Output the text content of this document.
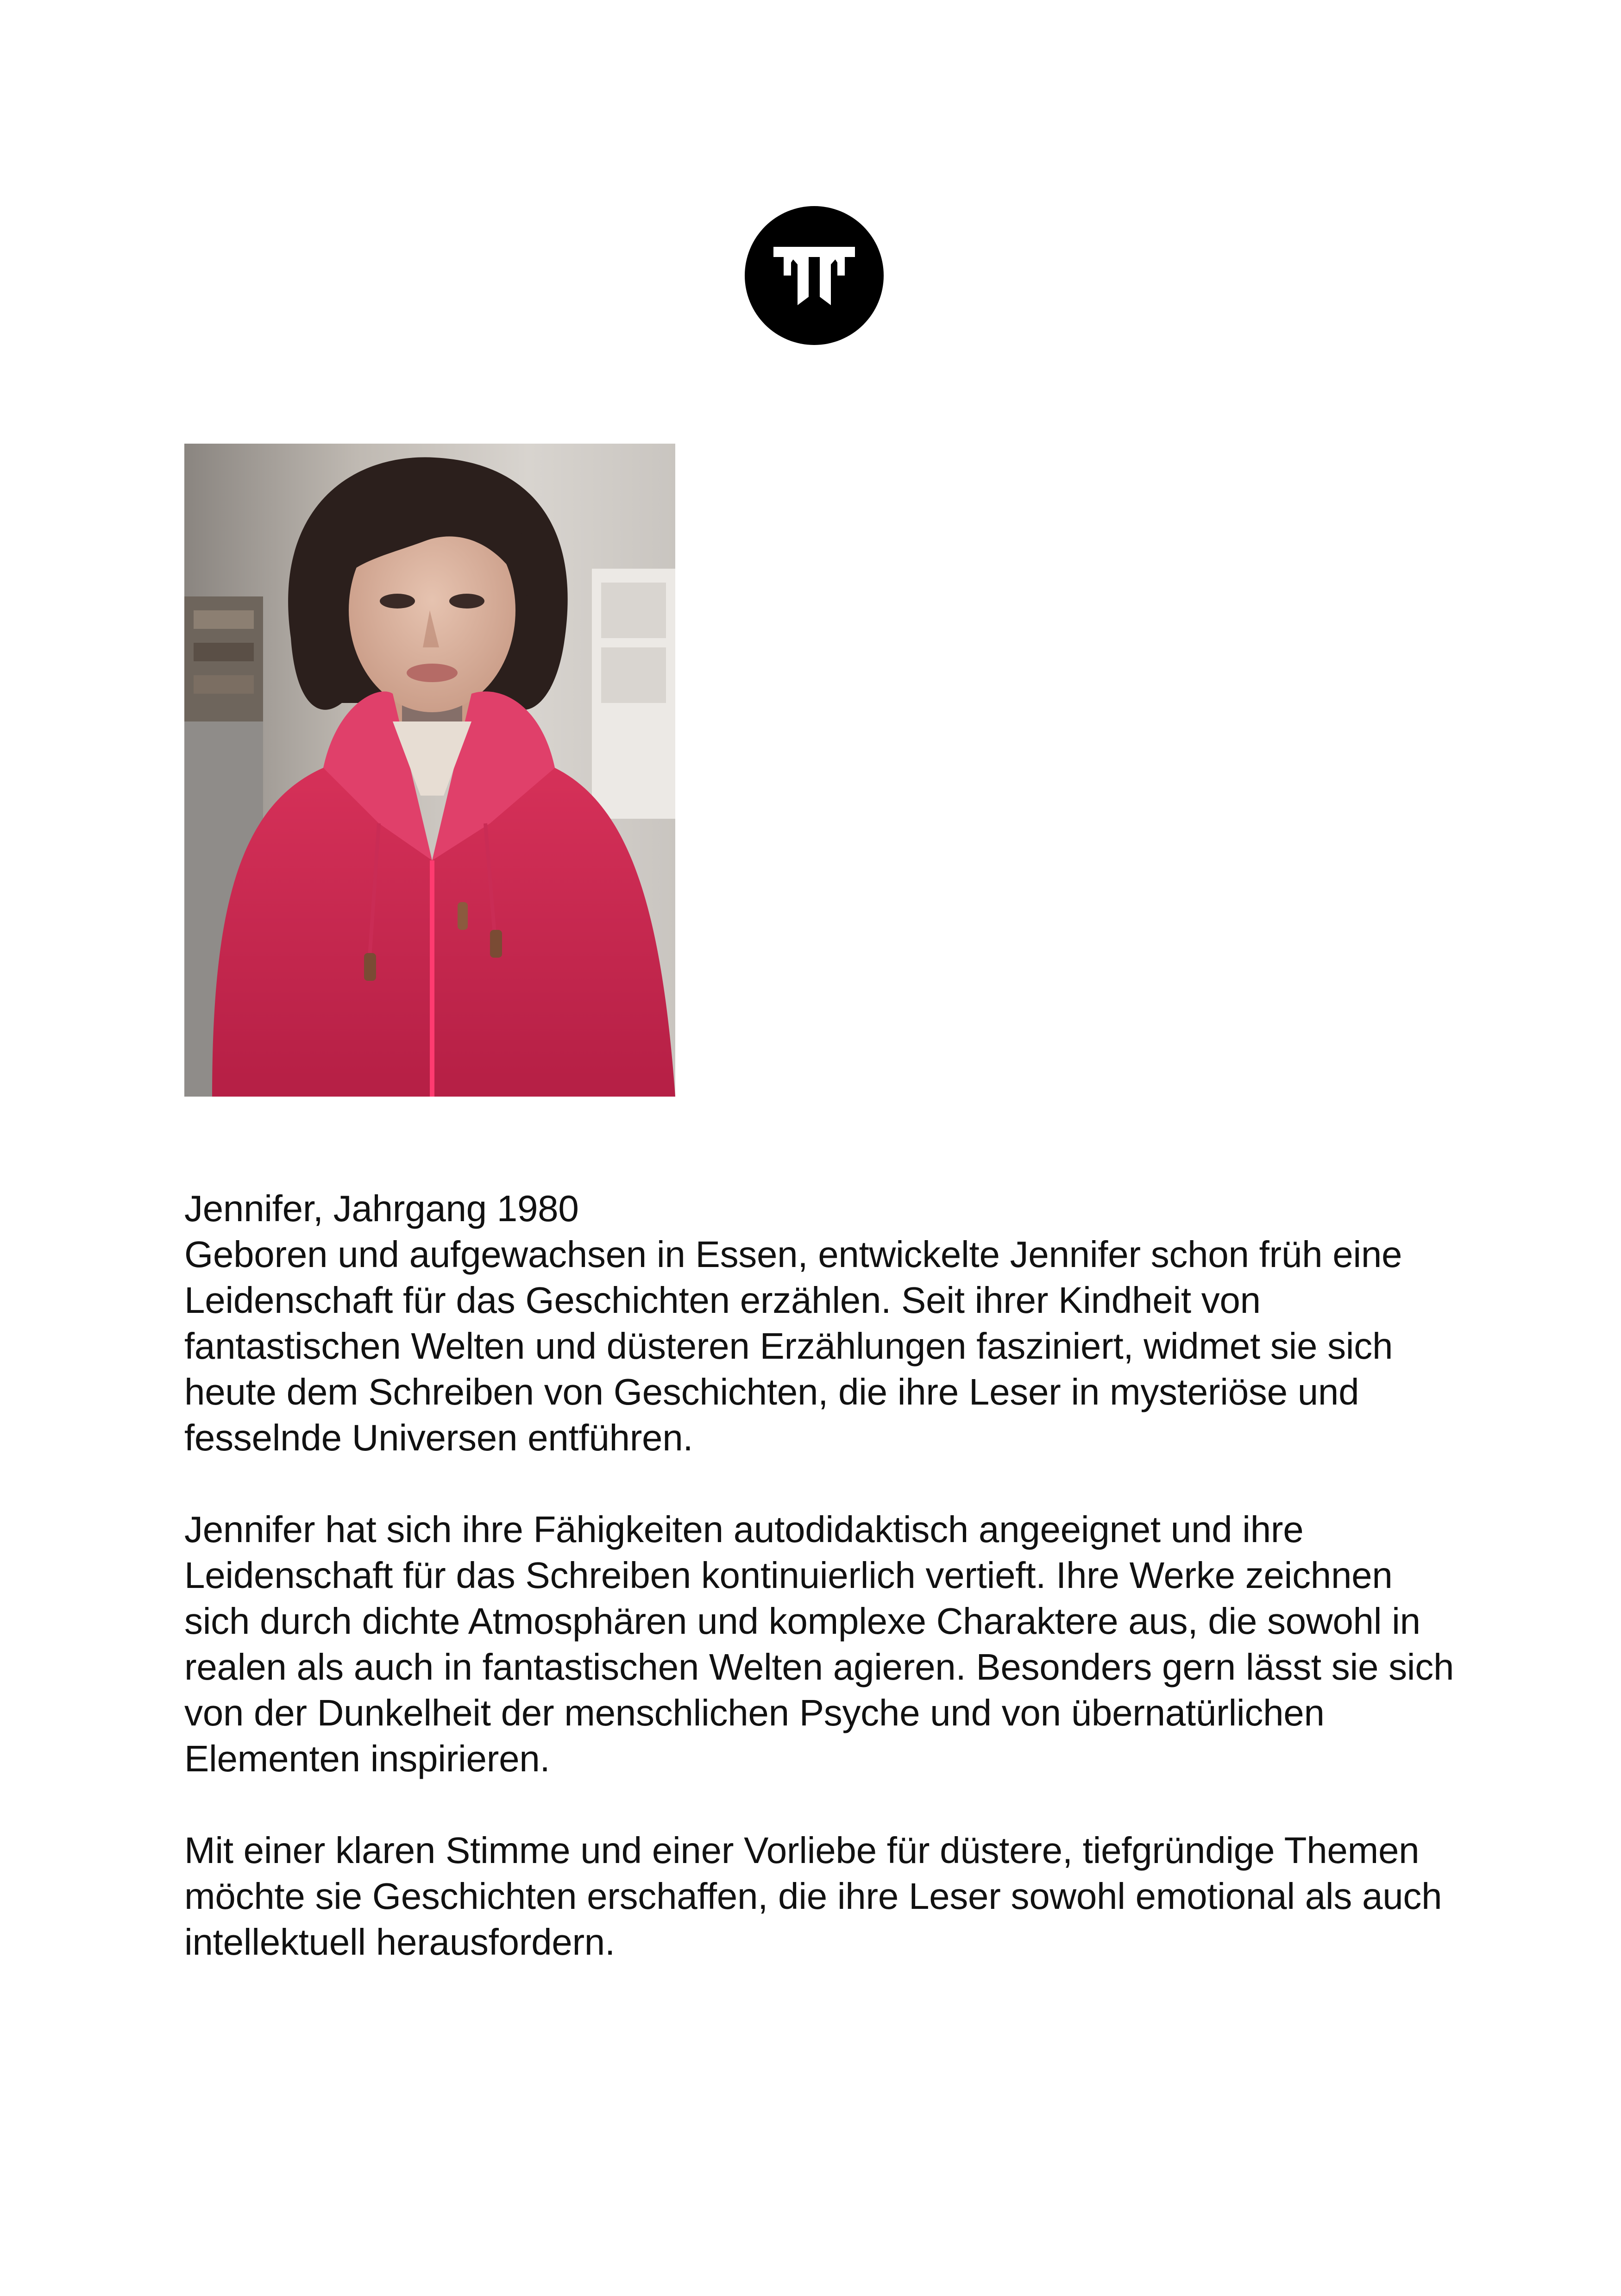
Jennifer, Jahrgang 1980
Geboren und aufgewachsen in Essen, entwickelte Jennifer schon früh eine Leidenschaft für das Geschichten erzählen. Seit ihrer Kindheit von fantastischen Welten und düsteren Erzählungen fasziniert, widmet sie sich heute dem Schreiben von Geschichten, die ihre Leser in mysteriöse und fesselnde Universen entführen.

Jennifer hat sich ihre Fähigkeiten autodidaktisch angeeignet und ihre Leidenschaft für das Schreiben kontinuierlich vertieft. Ihre Werke zeichnen sich durch dichte Atmosphären und komplexe Charaktere aus, die sowohl in realen als auch in fantastischen Welten agieren. Besonders gern lässt sie sich von der Dunkelheit der menschlichen Psyche und von übernatürlichen Elementen inspirieren.

Mit einer klaren Stimme und einer Vorliebe für düstere, tiefgründige Themen möchte sie Geschichten erschaffen, die ihre Leser sowohl emotional als auch intellektuell herausfordern.
